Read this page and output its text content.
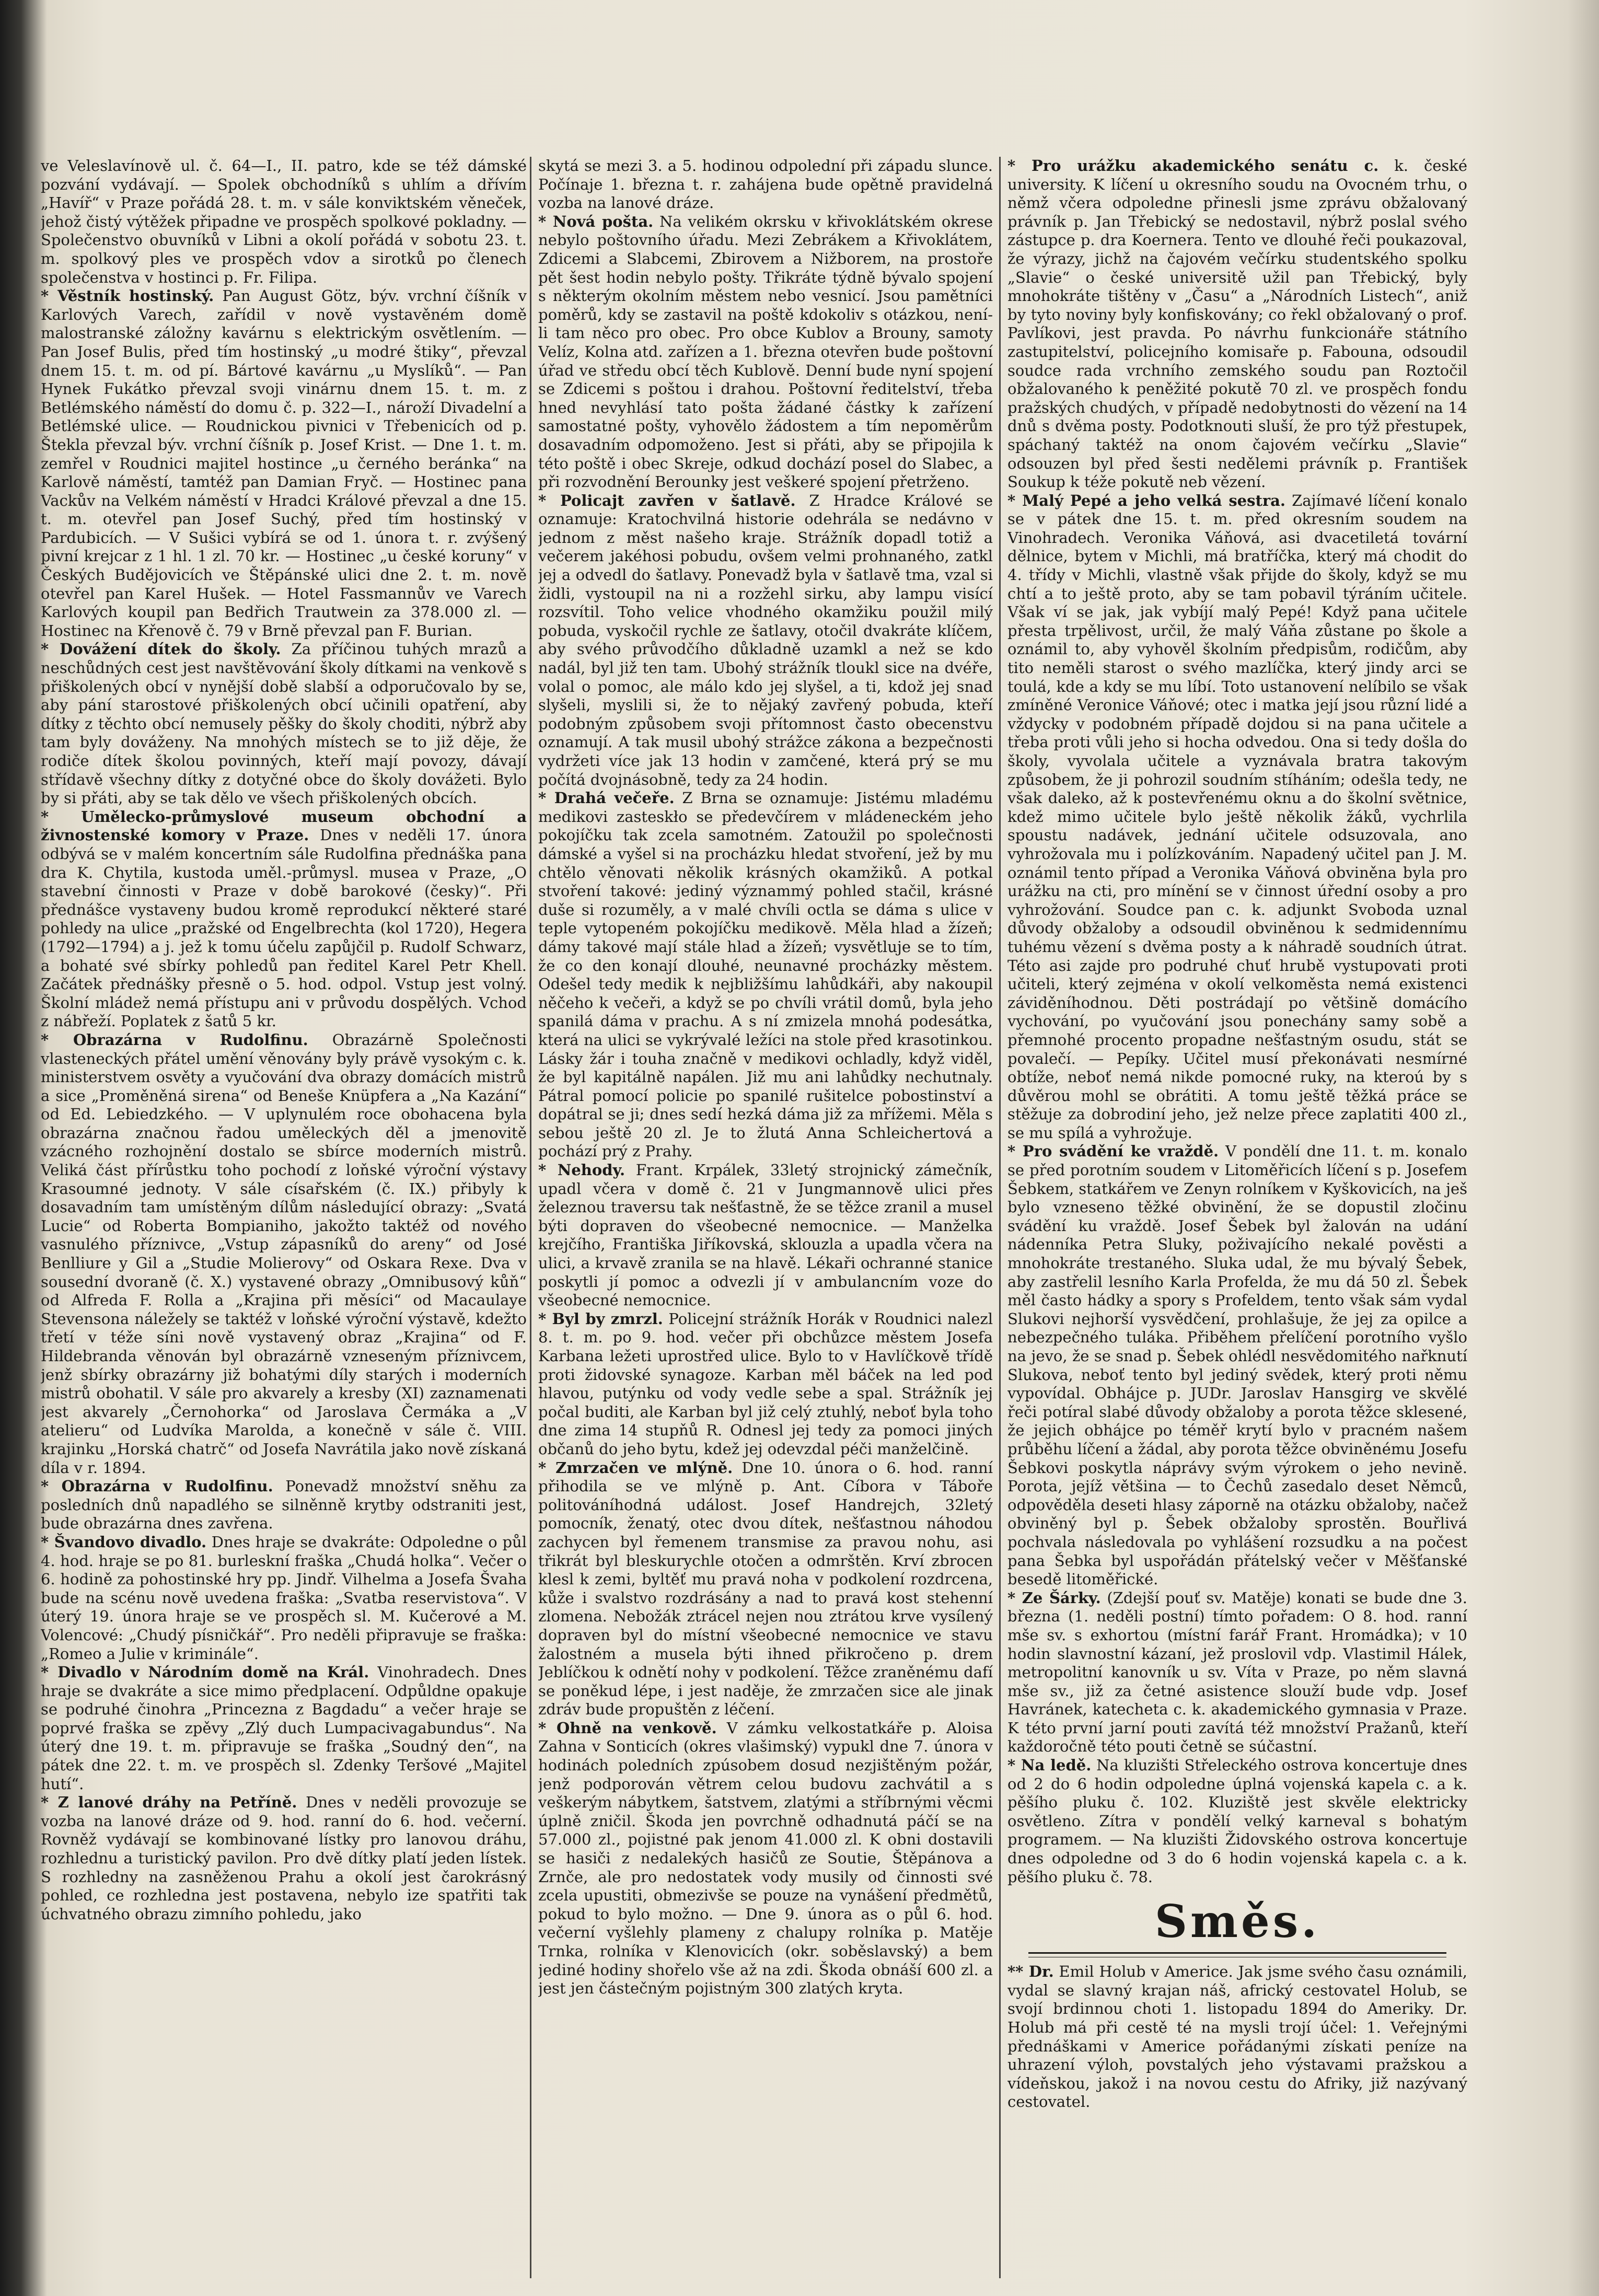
ve Veleslavínově ul. č. 64—I., II. patro, kde se též dámské pozvání vydávají. — Spolek obchodníků s uhlím a dřívím „Havíř“ v Praze pořádá 28. t. m. v sále konviktském věneček, jehož čistý výtěžek připadne ve prospěch spolkové pokladny. — Společenstvo obuvníků v Libni a okolí pořádá v sobotu 23. t. m. spolkový ples ve prospěch vdov a sirotků po členech společenstva v hostinci p. Fr. Filipa.

* Věstník hostinský. Pan August Götz, býv. vrchní číšník v Karlových Varech, zařídil v nově vystavěném domě malostranské záložny kavárnu s elektrickým osvětlením. — Pan Josef Bulis, před tím hostinský „u modré štiky“, převzal dnem 15. t. m. od pí. Bártové kavárnu „u Myslíků“. — Pan Hynek Fukátko převzal svoji vinárnu dnem 15. t. m. z Betlémského náměstí do domu č. p. 322—I., nároží Divadelní a Betlémské ulice. — Roudnickou pivnici v Třebenicích od p. Štekla převzal býv. vrchní číšník p. Josef Krist. — Dne 1. t. m. zemřel v Roudnici majitel hostince „u černého beránka“ na Karlově náměstí, tamtéž pan Damian Fryč. — Hostinec pana Vackův na Velkém náměstí v Hradci Králové převzal a dne 15. t. m. otevřel pan Josef Suchý, před tím hostinský v Pardubicích. — V Sušici vybírá se od 1. února t. r. zvýšený pivní krejcar z 1 hl. 1 zl. 70 kr. — Hostinec „u české koruny“ v Českých Budějovicích ve Štěpánské ulici dne 2. t. m. nově otevřel pan Karel Hušek. — Hotel Fassmannův ve Varech Karlových koupil pan Bedřich Trautwein za 378.000 zl. — Hostinec na Křenově č. 79 v Brně převzal pan F. Burian.

* Dovážení dítek do školy. Za příčinou tuhých mrazů a neschůdných cest jest navštěvování školy dítkami na venkově s přiškolených obcí v nynější době slabší a odporučovalo by se, aby pání starostové přiškolených obcí učinili opatření, aby dítky z těchto obcí nemusely pěšky do školy choditi, nýbrž aby tam byly dováženy. Na mnohých místech se to již děje, že rodiče dítek školou povinných, kteří mají povozy, dávají střídavě všechny dítky z dotyčné obce do školy dovážeti. Bylo by si přáti, aby se tak dělo ve všech přiškolených obcích.

* Umělecko-průmyslové museum obchodní a živnostenské komory v Praze. Dnes v neděli 17. února odbývá se v malém koncertním sále Rudolfina přednáška pana dra K. Chytila, kustoda uměl.-průmysl. musea v Praze, „O stavební činnosti v Praze v době barokové (česky)“. Při přednášce vystaveny budou kromě reprodukcí některé staré pohledy na ulice „pražské od Engelbrechta (kol 1720), Hegera (1792—1794) a j. jež k tomu účelu zapůjčil p. Rudolf Schwarz, a bohaté své sbírky pohledů pan ředitel Karel Petr Khell. Začátek přednášky přesně o 5. hod. odpol. Vstup jest volný. Školní mládež nemá přístupu ani v průvodu dospělých. Vchod z nábřeží. Poplatek z šatů 5 kr.

* Obrazárna v Rudolfinu. Obrazárně Společnosti vlasteneckých přátel umění věnovány byly právě vysokým c. k. ministerstvem osvěty a vyučování dva obrazy domácích mistrů a sice „Proměněná sirena“ od Beneše Knüpfera a „Na Kazání“ od Ed. Lebiedzkého. — V uplynulém roce obohacena byla obrazárna značnou řadou uměleckých děl a jmenovitě vzácného rozhojnění dostalo se sbírce moderních mistrů. Veliká část přírůstku toho pochodí z loňské výroční výstavy Krasoumné jednoty. V sále císařském (č. IX.) přibyly k dosavadním tam umístěným dílům následující obrazy: „Svatá Lucie“ od Roberta Bompianiho, jakožto taktéž od nového vasnulého příznivce, „Vstup zápasníků do areny“ od José Benlliure y Gil a „Studie Molierovy“ od Oskara Rexe. Dva v sousední dvoraně (č. X.) vystavené obrazy „Omnibusový kůň“ od Alfreda F. Rolla a „Krajina při měsíci“ od Macaulaye Stevensona náležely se taktéž v loňské výroční výstavě, kdežto třetí v téže síni nově vystavený obraz „Krajina“ od F. Hildebranda věnován byl obrazárně vzneseným příznivcem, jenž sbírky obrazárny již bohatými díly starých i moderních mistrů obohatil. V sále pro akvarely a kresby (XI) zaznamenati jest akvarely „Černohorka“ od Jaroslava Čermáka a „V atelieru“ od Ludvíka Marolda, a konečně v sále č. VIII. krajinku „Horská chatrč“ od Josefa Navrátila jako nově získaná díla v r. 1894.

* Obrazárna v Rudolfinu. Ponevadž množství sněhu za posledních dnů napadlého se silněnně krytby odstraniti jest, bude obrazárna dnes zavřena.

* Švandovo divadlo. Dnes hraje se dvakráte: Odpoledne o půl 4. hod. hraje se po 81. burleskní fraška „Chudá holka“. Večer o 6. hodině za pohostinské hry pp. Jindř. Vilhelma a Josefa Švaha bude na scénu nově uvedena fraška: „Svatba reservistova“. V úterý 19. února hraje se ve prospěch sl. M. Kučerové a M. Volencové: „Chudý písničkář“. Pro neděli připravuje se fraška: „Romeo a Julie v kriminále“.

* Divadlo v Národním domě na Král. Vinohradech. Dnes hraje se dvakráte a sice mimo předplacení. Odpůldne opakuje se podruhé činohra „Princezna z Bagdadu“ a večer hraje se poprvé fraška se zpěvy „Zlý duch Lumpacivagabundus“. Na úterý dne 19. t. m. připravuje se fraška „Soudný den“, na pátek dne 22. t. m. ve prospěch sl. Zdenky Teršové „Majitel hutí“.

* Z lanové dráhy na Petříně. Dnes v neděli provozuje se vozba na lanové dráze od 9. hod. ranní do 6. hod. večerní. Rovněž vydávají se kombinované lístky pro lanovou dráhu, rozhlednu a turistický pavilon. Pro dvě dítky platí jeden lístek. S rozhledny na zasněženou Prahu a okolí jest čarokrásný pohled, ce rozhledna jest postavena, nebylo ize spatřiti tak úchvatného obrazu zimního pohledu, jako

skytá se mezi 3. a 5. hodinou odpolední při západu slunce. Počínaje 1. března t. r. zahájena bude opětně pravidelná vozba na lanové dráze.

* Nová pošta. Na velikém okrsku v křivoklátském okrese nebylo poštovního úřadu. Mezi Zebrákem a Křivoklátem, Zdicemi a Slabcemi, Zbirovem a Nižborem, na prostoře pět šest hodin nebylo pošty. Třikráte týdně bývalo spojení s některým okolním městem nebo vesnicí. Jsou pamětníci poměrů, kdy se zastavil na poště kdokoliv s otázkou, není-li tam něco pro obec. Pro obce Kublov a Brouny, samoty Velíz, Kolna atd. zařízen a 1. března otevřen bude poštovní úřad ve středu obcí těch Kublově. Denní bude nyní spojení se Zdicemi s poštou i drahou. Poštovní ředitelství, třeba hned nevyhlásí tato pošta žádané částky k zařízení samostatné pošty, vyhovělo žádostem a tím nepoměrům dosavadním odpomoženo. Jest si přáti, aby se připojila k této poště i obec Skreje, odkud dochází posel do Slabec, a při rozvodnění Berounky jest veškeré spojení přetrženo.

* Policajt zavřen v šatlavě. Z Hradce Králové se oznamuje: Kratochvilná historie odehrála se nedávno v jednom z měst našeho kraje. Strážník dopadl totiž a večerem jakéhosi pobudu, ovšem velmi prohnaného, zatkl jej a odvedl do šatlavy. Ponevadž byla v šatlavě tma, vzal si židli, vystoupil na ni a rozžehl sirku, aby lampu visící rozsvítil. Toho velice vhodného okamžiku použil milý pobuda, vyskočil rychle ze šatlavy, otočil dvakráte klíčem, aby svého průvodčího důkladně uzamkl a než se kdo nadál, byl již ten tam. Ubohý strážník tloukl sice na dvéře, volal o pomoc, ale málo kdo jej slyšel, a ti, kdož jej snad slyšeli, myslili si, že to nějaký zavřený pobuda, kteří podobným způsobem svoji přítomnost často obecenstvu oznamují. A tak musil ubohý strážce zákona a bezpečnosti vydržeti více jak 13 hodin v zamčené, která prý se mu počítá dvojnásobně, tedy za 24 hodin.

* Drahá večeře. Z Brna se oznamuje: Jistému mladému medikovi zasteskło se předevčírem v mládeneckém jeho pokojíčku tak zcela samotném. Zatoužil po společnosti dámské a vyšel si na procházku hledat stvoření, jež by mu chtělo věnovati několik krásných okamžiků. A potkal stvoření takové: jediný význammý pohled stačil, krásné duše si rozuměly, a v malé chvíli octla se dáma s ulice v teple vytopeném pokojíčku medikově. Měla hlad a žízeň; dámy takové mají stále hlad a žízeň; vysvětluje se to tím, že co den konají dlouhé, neunavné procházky městem. Odešel tedy medik k nejbližšímu lahůdkáři, aby nakoupil něčeho k večeři, a když se po chvíli vrátil domů, byla jeho spanilá dáma v prachu. A s ní zmizela mnohá podesátka, která na ulici se vykrývalé ležíci na stole před krasotinkou. Lásky žár i touha značně v medikovi ochladly, když viděl, že byl kapitálně napálen. Již mu ani lahůdky nechutnaly. Pátral pomocí policie po spanilé rušitelce pobostinství a dopátral se ji; dnes sedí hezká dáma již za mřížemi. Měla s sebou ještě 20 zl. Je to žlutá Anna Schleichertová a pochází prý z Prahy.

* Nehody. Frant. Krpálek, 33letý strojnický zámečník, upadl včera v domě č. 21 v Jungmannově ulici přes železnou traversu tak nešťastně, že se těžce zranil a musel býti dopraven do všeobecné nemocnice. — Manželka krejčího, Františka Jiříkovská, sklouzla a upadla včera na ulici, a krvavě zranila se na hlavě. Lékaři ochranné stanice poskytli jí pomoc a odvezli jí v ambulancním voze do všeobecné nemocnice.

* Byl by zmrzl. Policejní strážník Horák v Roudnici nalezl 8. t. m. po 9. hod. večer při obchůzce městem Josefa Karbana ležeti uprostřed ulice. Bylo to v Havlíčkově třídě proti židovské synagoze. Karban měl báček na led pod hlavou, putýnku od vody vedle sebe a spal. Strážník jej počal buditi, ale Karban byl již celý ztuhlý, neboť byla toho dne zima 14 stupňů R. Odnesl jej tedy za pomoci jiných občanů do jeho bytu, kdež jej odevzdal péči manželčině.

* Zmrzačen ve mlýně. Dne 10. února o 6. hod. ranní přihodila se ve mlýně p. Ant. Cíbora v Táboře politováníhodná událost. Josef Handrejch, 32letý pomocník, ženatý, otec dvou dítek, nešťastnou náhodou zachycen byl řemenem transmise za pravou nohu, asi třikrát byl bleskurychle otočen a odmrštěn. Krví zbrocen klesl k zemi, byltěť mu pravá noha v podkolení rozdrcena, kůže i svalstvo rozdrásány a nad to pravá kost stehenní zlomena. Nebožák ztrácel nejen nou ztrátou krve vysílený dopraven byl do místní všeobecné nemocnice ve stavu žalostném a musela býti ihned přikročeno p. drem Jeblíčkou k odnětí nohy v podkolení. Těžce zraněnému dafí se poněkud lépe, i jest naděje, že zmrzačen sice ale jinak zdráv bude propuštěn z léčení.

* Ohně na venkově. V zámku velkostatkáře p. Aloisa Zahna v Sonticích (okres vlašimský) vypukl dne 7. února v hodinách poledních zpúsobem dosud nezjištěným požár, jenž podporován větrem celou budovu zachvátil a s veškerým nábytkem, šatstvem, zlatými a stříbrnými věcmi úplně zničil. Škoda jen povrchně odhadnutá páčí se na 57.000 zl., pojistné pak jenom 41.000 zl. K obni dostavili se hasiči z nedalekých hasičů ze Soutie, Štěpánova a Zrnče, ale pro nedostatek vody musily od činnosti své zcela upustiti, obmezivše se pouze na vynášení předmětů, pokud to bylo možno. — Dne 9. února as o půl 6. hod. večerní vyšlehly plameny z chalupy rolníka p. Matěje Trnka, rolníka v Klenovicích (okr. soběslavský) a bem jediné hodiny shořelo vše až na zdi. Škoda obnáší 600 zl. a jest jen částečným pojistným 300 zlatých kryta.

* Pro urážku akademického senátu c. k. české university. K líčení u okresního soudu na Ovocném trhu, o němž včera odpoledne přinesli jsme zprávu obžalovaný právník p. Jan Třebický se nedostavil, nýbrž poslal svého zástupce p. dra Koernera. Tento ve dlouhé řeči poukazoval, že výrazy, jichž na čajovém večírku studentského spolku „Slavie“ o české universitě užil pan Třebický, byly mnohokráte tištěny v „Času“ a „Národních Listech“, aniž by tyto noviny byly konfiskovány; co řekl obžalovaný o prof. Pavlíkovi, jest pravda. Po návrhu funkcionáře státního zastupitelství, policejního komisaře p. Fabouna, odsoudil soudce rada vrchního zemského soudu pan Roztočil obžalovaného k peněžité pokutě 70 zl. ve prospěch fondu pražských chudých, v případě nedobytnosti do vězení na 14 dnů s dvěma posty. Podotknouti sluší, že pro týž přestupek, spáchaný taktéž na onom čajovém večírku „Slavie“ odsouzen byl před šesti nedělemi právník p. František Soukup k téže pokutě neb vězení.

* Malý Pepé a jeho velká sestra. Zajímavé líčení konalo se v pátek dne 15. t. m. před okresním soudem na Vinohradech. Veronika Váňová, asi dvacetiletá tovární dělnice, bytem v Michli, má bratříčka, který má chodit do 4. třídy v Michli, vlastně však přijde do školy, když se mu chtí a to ještě proto, aby se tam pobavil týráním učitele. Však ví se jak, jak vybíjí malý Pepé! Když pana učitele přesta trpělivost, určil, že malý Váňa zůstane po škole a oznámil to, aby vyhověl školním předpisům, rodičům, aby tito neměli starost o svého mazlíčka, který jindy arci se toulá, kde a kdy se mu líbí. Toto ustanovení nelíbilo se však zmíněné Veronice Váňové; otec i matka její jsou různí lidé a vždycky v podobném případě dojdou si na pana učitele a třeba proti vůli jeho si hocha odvedou. Ona si tedy došla do školy, vyvolala učitele a vyznávala bratra takovým způsobem, že ji pohrozil soudním stíháním; odešla tedy, ne však daleko, až k postevřenému oknu a do školní světnice, kdež mimo učitele bylo ještě několik žáků, vychrlila spoustu nadávek, jednání učitele odsuzovala, ano vyhrožovala mu i polízkováním. Napadený učitel pan J. M. oznámil tento případ a Veronika Váňová obviněna byla pro urážku na cti, pro mínění se v činnost úřední osoby a pro vyhrožování. Soudce pan c. k. adjunkt Svoboda uznal důvody obžaloby a odsoudil obviněnou k sedmidennímu tuhému vězení s dvěma posty a k náhradě soudních útrat. Této asi zajde pro podruhé chuť hrubě vystupovati proti učiteli, který zejména v okolí velkoměsta nemá existenci záviděníhodnou. Děti postrádají po většině domácího vychování, po vyučování jsou ponechány samy sobě a přemnohé procento propadne nešťastným osudu, stát se povalečí. — Pepíky. Učitel musí překonávati nesmírné obtíže, neboť nemá nikde pomocné ruky, na kteroú by s důvěrou mohl se obrátiti. A tomu ještě těžká práce se stěžuje za dobrodiní jeho, jež nelze přece zaplatiti 400 zl., se mu spílá a vyhrožuje.

* Pro svádění ke vraždě. V pondělí dne 11. t. m. konalo se před porotním soudem v Litoměřicích líčení s p. Josefem Šebkem, statkářem ve Zenyn rolníkem v Kyškovicích, na ješ bylo vzneseno těžké obvinění, že se dopustil zločinu svádění ku vraždě. Josef Šebek byl žalován na udání nádenníka Petra Sluky, poživajícího nekalé pověsti a mnohokráte trestaného. Sluka udal, že mu bývalý Šebek, aby zastřelil lesního Karla Profelda, že mu dá 50 zl. Šebek měl často hádky a spory s Profeldem, tento však sám vydal Slukovi nejhorší vysvědčení, prohlašuje, že jej za opilce a nebezpečného tuláka. Přiběhem přelíčení porotního vyšlo na jevo, že se snad p. Šebek ohlédl nesvědomitého nařknutí Slukova, neboť tento byl jediný svědek, který proti němu vypovídal. Obhájce p. JUDr. Jaroslav Hansgirg ve skvělé řeči potíral slabé důvody obžaloby a porota těžce sklesené, že jejich obhájce po téměř krytí bylo v pracném našem průběhu líčení a žádal, aby porota těžce obviněnému Josefu Šebkovi poskytla náprávy svým výrokem o jeho nevině. Porota, jejíž většina — to Čechů zasedalo deset Němců, odpověděla deseti hlasy záporně na otázku obžaloby, načež obviněný byl p. Šebek obžaloby sprostěn. Bouřlivá pochvala následovala po vyhlášení rozsudku a na počest pana Šebka byl uspořádán přátelský večer v Měšťanské besedě litoměřické.

* Ze Šárky. (Zdejší pouť sv. Matěje) konati se bude dne 3. března (1. neděli postní) tímto pořadem: O 8. hod. ranní mše sv. s exhortou (místní farář Frant. Hromádka); v 10 hodin slavnostní kázaní, jež proslovil vdp. Vlastimil Hálek, metropolitní kanovník u sv. Víta v Praze, po něm slavná mše sv., již za četné asistence slouží bude vdp. Josef Havránek, katecheta c. k. akademického gymnasia v Praze. K této první jarní pouti zavítá též množství Pražanů, kteří každoročně této pouti četně se súčastní.

* Na ledě. Na kluzišti Střeleckého ostrova koncertuje dnes od 2 do 6 hodin odpoledne úplná vojenská kapela c. a k. pěšího pluku č. 102. Kluziště jest skvěle elektricky osvětleno. Zítra v pondělí velký karneval s bohatým programem. — Na kluzišti Židovského ostrova koncertuje dnes odpoledne od 3 do 6 hodin vojenská kapela c. a k. pěšího pluku č. 78.

Směs.

** Dr. Emil Holub v Americe. Jak jsme svého času oznámili, vydal se slavný krajan náš, africký cestovatel Holub, se svojí brdinnou choti 1. listopadu 1894 do Ameriky. Dr. Holub má při cestě té na mysli trojí účel: 1. Veřejnými přednáškami v Americe pořádanými získati peníze na uhrazení výloh, povstalých jeho výstavami pražskou a vídeňskou, jakož i na novou cestu do Afriky, již nazývaný cestovatel.
